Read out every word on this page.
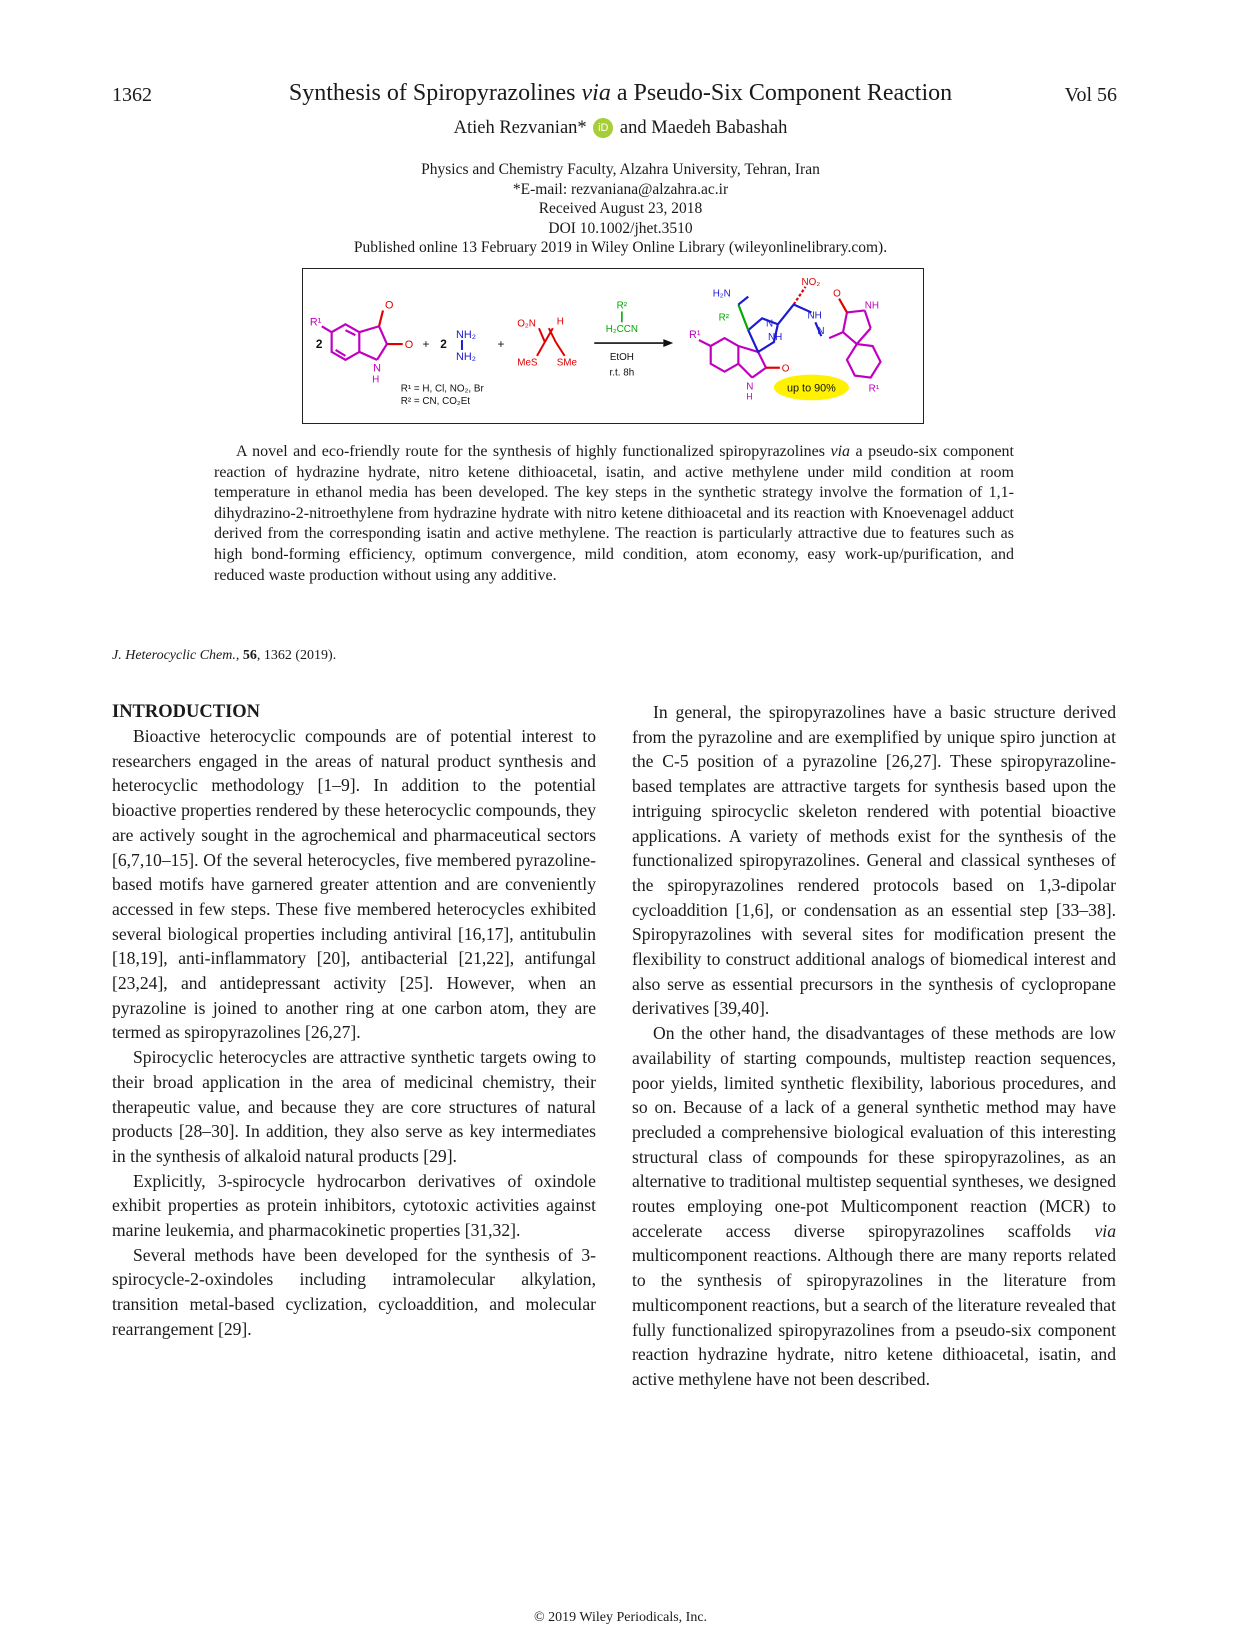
1362	Synthesis of Spiropyrazolines via a Pseudo-Six Component Reaction	Vol 56
Atieh Rezvanian* iD and Maedeh Babashah
Physics and Chemistry Faculty, Alzahra University, Tehran, Iran
*E-mail: rezvaniana@alzahra.ac.ir
Received August 23, 2018
DOI 10.1002/jhet.3510
Published online 13 February 2019 in Wiley Online Library (wileyonlinelibrary.com).
R¹
O
O
N
H
2	+ 2
NH₂
NH₂
+
O₂N H
MeS SMe
R²
H₂CCN
EtOH
r.t. 8h
R¹ = H, Cl, NO₂, Br
R² = CN, CO₂Et
R¹
H₂N
R²
N
NH
NO₂
NH
N
O
NH
O
N
H
R¹
up to 90%
A novel and eco-friendly route for the synthesis of highly functionalized spiropyrazolines via a pseudo-six component reaction of hydrazine hydrate, nitro ketene dithioacetal, isatin, and active methylene under mild condition at room temperature in ethanol media has been developed. The key steps in the synthetic strategy involve the formation of 1,1-dihydrazino-2-nitroethylene from hydrazine hydrate with nitro ketene dithioacetal and its reaction with Knoevenagel adduct derived from the corresponding isatin and active methylene. The reaction is particularly attractive due to features such as high bond-forming efficiency, optimum convergence, mild condition, atom economy, easy work-up/purification, and reduced waste production without using any additive.
J. Heterocyclic Chem., 56, 1362 (2019).

INTRODUCTION

Bioactive heterocyclic compounds are of potential interest to researchers engaged in the areas of natural product synthesis and heterocyclic methodology [1–9]. In addition to the potential bioactive properties rendered by these heterocyclic compounds, they are actively sought in the agrochemical and pharmaceutical sectors [6,7,10–15]. Of the several heterocycles, five membered pyrazoline-based motifs have garnered greater attention and are conveniently accessed in few steps. These five membered heterocycles exhibited several biological properties including antiviral [16,17], antitubulin [18,19], anti-inflammatory [20], antibacterial [21,22], antifungal [23,24], and antidepressant activity [25]. However, when an pyrazoline is joined to another ring at one carbon atom, they are termed as spiropyrazolines [26,27].

Spirocyclic heterocycles are attractive synthetic targets owing to their broad application in the area of medicinal chemistry, their therapeutic value, and because they are core structures of natural products [28–30]. In addition, they also serve as key intermediates in the synthesis of alkaloid natural products [29].

Explicitly, 3-spirocycle hydrocarbon derivatives of oxindole exhibit properties as protein inhibitors, cytotoxic activities against marine leukemia, and pharmacokinetic properties [31,32].

Several methods have been developed for the synthesis of 3-spirocycle-2-oxindoles including intramolecular alkylation, transition metal-based cyclization, cycloaddition, and molecular rearrangement [29].

In general, the spiropyrazolines have a basic structure derived from the pyrazoline and are exemplified by unique spiro junction at the C-5 position of a pyrazoline [26,27]. These spiropyrazoline-based templates are attractive targets for synthesis based upon the intriguing spirocyclic skeleton rendered with potential bioactive applications. A variety of methods exist for the synthesis of the functionalized spiropyrazolines. General and classical syntheses of the spiropyrazolines rendered protocols based on 1,3-dipolar cycloaddition [1,6], or condensation as an essential step [33–38]. Spiropyrazolines with several sites for modification present the flexibility to construct additional analogs of biomedical interest and also serve as essential precursors in the synthesis of cyclopropane derivatives [39,40].

On the other hand, the disadvantages of these methods are low availability of starting compounds, multistep reaction sequences, poor yields, limited synthetic flexibility, laborious procedures, and so on. Because of a lack of a general synthetic method may have precluded a comprehensive biological evaluation of this interesting structural class of compounds for these spiropyrazolines, as an alternative to traditional multistep sequential syntheses, we designed routes employing one-pot Multicomponent reaction (MCR) to accelerate access diverse spiropyrazolines scaffolds via multicomponent reactions. Although there are many reports related to the synthesis of spiropyrazolines in the literature from multicomponent reactions, but a search of the literature revealed that fully functionalized spiropyrazolines from a pseudo-six component reaction hydrazine hydrate, nitro ketene dithioacetal, isatin, and active methylene have not been described.

© 2019 Wiley Periodicals, Inc.
